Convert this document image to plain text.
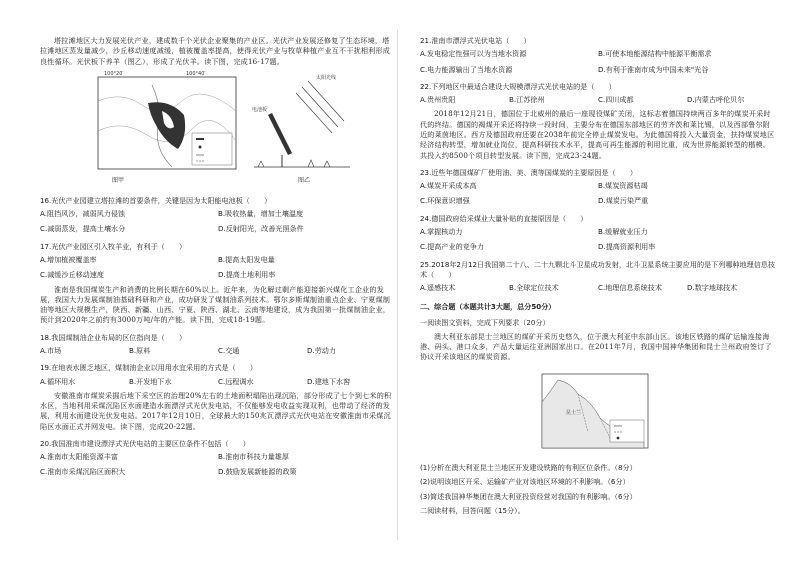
塔拉滩地区大力发展光伏产业，建成数千个光伏企业聚集的产业区。光伏产业发展还修复了生态环境，塔拉滩地区蒸发量减少，沙丘移动速度减缓，植被覆盖率提高，使得光伏产业与牧草种植产业互不干扰相利形成良性循环。光伏板下养羊（图乙），形成了光伏羊。读下图，完成16-17题。

100°20′	100°40′
太阳光线
电池板
图甲	图乙
16.光伏产业园建立塔拉滩的首要条件，关键是因为太阳能电池板（　　）
A.阻挡风沙，减弱风力侵蚀	B.吸收热量，增加土壤温度
C.减弱蒸发，提高土壤水分	D.反射阳光，改善光照条件
17.光伏产业园区引入牧羊业，有利于（　　）
A.增加植被覆盖率	B.提高太阳发电量
C.减缓沙丘移动速度	D.提高土地利用率

淮南是我国煤炭生产和消费的比例长期在60%以上。近年来，为化解过剩产能迎接新兴煤化工企业的发展，我国大力发展煤制油基础科研和产业，成功研发了煤制油系列技术。鄂尔多斯煤制油重点企业、宁夏煤制油等地区大规模生产，陕西、新疆、山西、宁夏、陕西、湖北、云南等地建设，成为我国第一批煤制油企业，预计到2020年之前约有3000万吨/年的产能。读下图，完成18-19题。

18.我国煤制油企业布局的区位指向是（　　）
A.市场	B.原料	C.交通	D.劳动力
19.在地表水匮乏地区，煤制油企业以用用水宜采用的方式是（　　）
A.循环用水	B.开发地下水	C.远程调水	D.建地下水窖

安徽淮南市煤炭采掘后地下采空区的治理20%左右的土地面积塌陷出现沉陷，部分形成了七个到七米的积水区，当地利用采煤沉陷区水面建造水面漂浮式光伏发电站，不仅能够发电收益实现双利，也带动了经济的发展，利用水面建设光伏发电站。2017年12月10日，全球最大的150兆瓦漂浮式光伏电站在安徽淮南市采煤沉陷区水面正式并网发电。读下图，完成20-22题。

20.我国淮南市建设漂浮式光伏电站的主要区位条件不包括（　　）
A.淮南市太阳能资源丰富	B.淮南市科技力量雄厚
C.淮南市采煤沉陷区面积大	D.鼓励发展新能源的政策
21.淮南市漂浮式光伏电站（　　）
A.发电稳定性强可以为当地水资源	B.可使本地能源结构中能源平衡需求
C.电力能源输出了当地水资源	D.有利于淮南市成为中国未来"光谷
22.下列地区中最适合建设大规模漂浮式光伏电站的是（　　）
A.贵州贵阳	B.江苏徐州	C.四川成都	D.内蒙古呼伦贝尔

2018年12月21日，德国位于北威州的最后一座现役煤矿关闭，这标志着德国持续两百多年的煤炭开采时代的终结。德国的褐煤开采还将持续一段时间，主要分布在德国东部地区的劳齐茨和莱比锡，以及西部鲁尔附近的莱茵地区。西方及德国政府还要在2038年前完全停止煤炭发电。为此德国将投入大量资金，扶持煤炭地区经济结构转型，增加就业岗位，提高科研技术水平，提高可再生能源的利用比重，成为世界能源转型的楷模。共投入约8500个项目转型发展。读下图，完成23-24题。

23.近些年德国煤矿厂使用油、美、澳等国煤炭的主要原因是（　　）
A.煤炭开采成本高	B.煤炭资源枯竭
C.环保意识增强	D.煤炭污染严重
24.德国政府给采煤业大量补贴的直接原因是（　　）
A.掌握核动力	B.缓解就业压力
C.提高产业的竞争力	D.提高资源利用率
25.2018年2月12日我国第二十八、二十九颗北斗卫星成功发射，北斗卫星系统主要应用的是下列哪种地理信息技术（　　）
A.遥感技术	B.全球定位技术	C.地理信息系统技术	D.数字地球技术
二、综合题（本题共计3大题，总分50分）
一阅读图文资料，完成下列要求（20分）

澳大利亚东部昆士兰地区的煤矿开采历史悠久，位于澳大利亚中东部山区。该地区铁路的煤矿运输连接海港、码头、港口众多，产品大量运往亚洲国家出口。在2011年7月，我国中国神华集团和昆士兰州政府签订了协议开采该地区的煤炭资源。

昆士兰
(1)分析在澳大利亚昆士兰地区开发建设铁路的有利区位条件。（8分）
(2)说明该地区开采、运输矿产业对该地区环境的不利影响。（6分）
(3)简述我国神华集团在澳大利亚投资经营对我国的有利影响。（6分）
二阅读材料，回答问题（15分）。
